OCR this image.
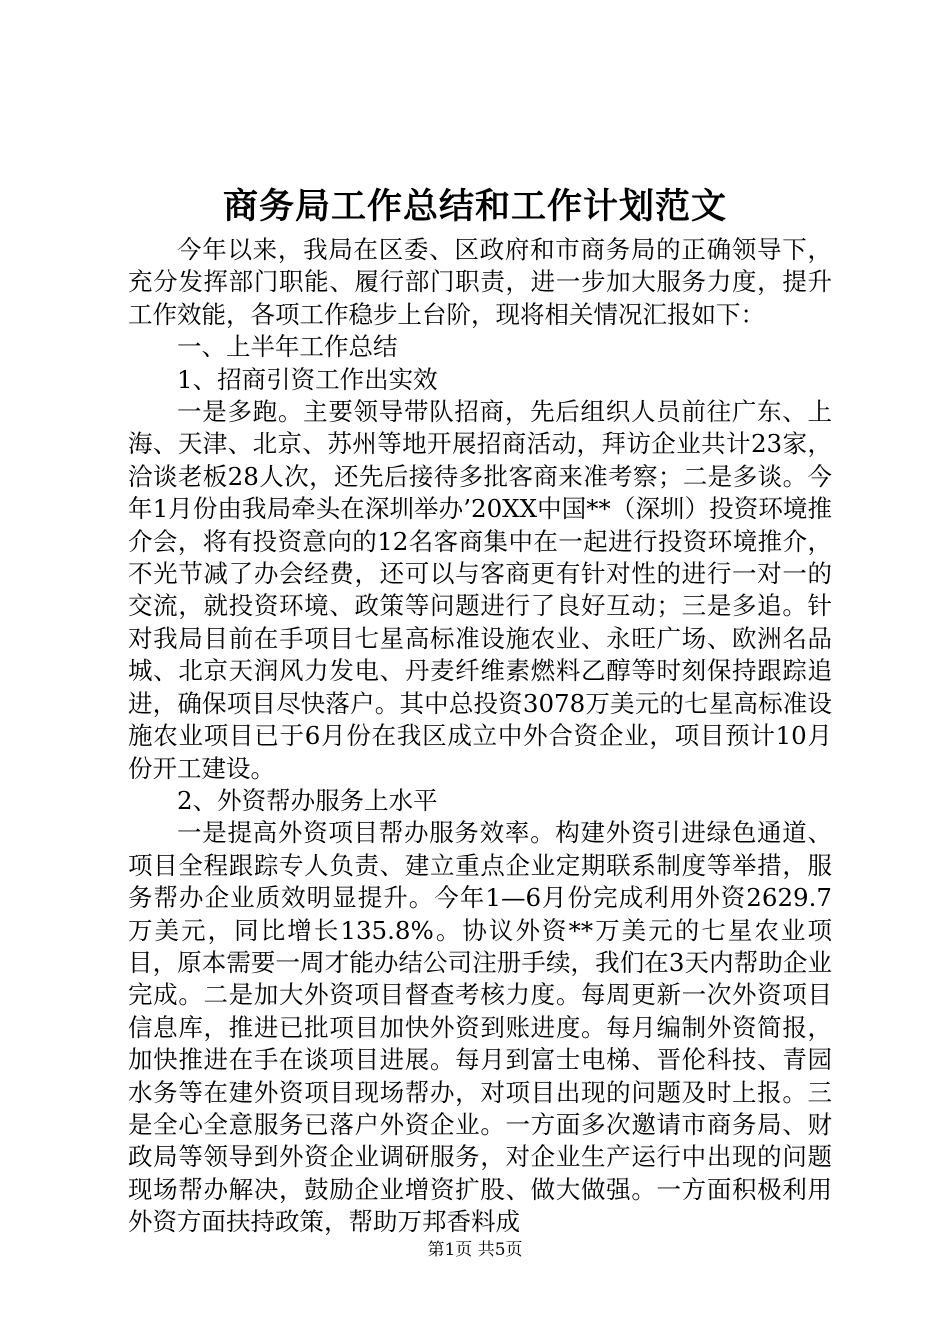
商务局工作总结和工作计划范文

今年以来，我局在区委、区政府和市商务局的正确领导下，充分发挥部门职能、履行部门职责，进一步加大服务力度，提升工作效能，各项工作稳步上台阶，现将相关情况汇报如下：

一、上半年工作总结

1、招商引资工作出实效

一是多跑。主要领导带队招商，先后组织人员前往广东、上海、天津、北京、苏州等地开展招商活动，拜访企业共计23家，洽谈老板28人次，还先后接待多批客商来准考察；二是多谈。今年1月份由我局牵头在深圳举办’20XX中国**（深圳）投资环境推介会，将有投资意向的12名客商集中在一起进行投资环境推介，不光节减了办会经费，还可以与客商更有针对性的进行一对一的交流，就投资环境、政策等问题进行了良好互动；三是多追。针对我局目前在手项目七星高标准设施农业、永旺广场、欧洲名品城、北京天润风力发电、丹麦纤维素燃料乙醇等时刻保持跟踪追进，确保项目尽快落户。其中总投资3078万美元的七星高标准设施农业项目已于6月份在我区成立中外合资企业，项目预计10月份开工建设。

2、外资帮办服务上水平

一是提高外资项目帮办服务效率。构建外资引进绿色通道、项目全程跟踪专人负责、建立重点企业定期联系制度等举措，服务帮办企业质效明显提升。今年1—6月份完成利用外资2629.7万美元，同比增长135.8%。协议外资**万美元的七星农业项目，原本需要一周才能办结公司注册手续，我们在3天内帮助企业完成。二是加大外资项目督查考核力度。每周更新一次外资项目信息库，推进已批项目加快外资到账进度。每月编制外资简报，加快推进在手在谈项目进展。每月到富士电梯、晋伦科技、青园水务等在建外资项目现场帮办，对项目出现的问题及时上报。三是全心全意服务已落户外资企业。一方面多次邀请市商务局、财政局等领导到外资企业调研服务，对企业生产运行中出现的问题现场帮办解决，鼓励企业增资扩股、做大做强。一方面积极利用外资方面扶持政策，帮助万邦香料成

第1页 共5页
